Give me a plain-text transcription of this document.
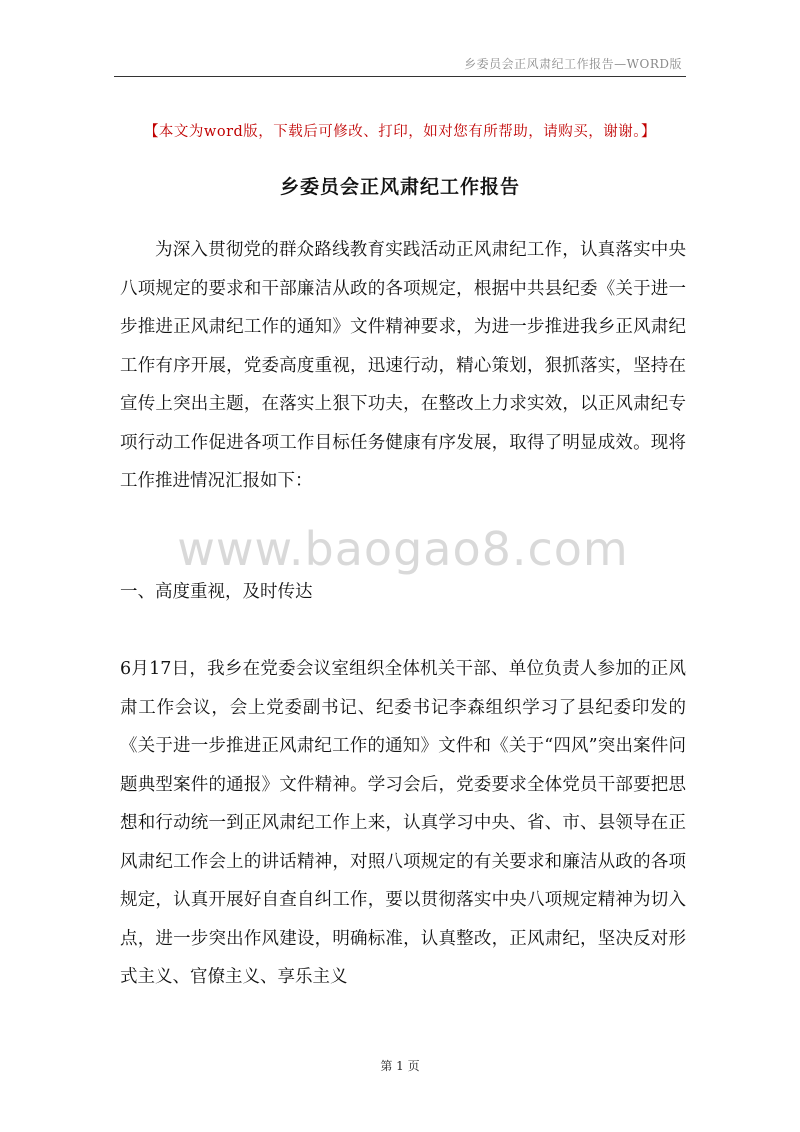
乡委员会正风肃纪工作报告—WORD版
【本文为word版，下载后可修改、打印，如对您有所帮助，请购买，谢谢。】
乡委员会正风肃纪工作报告

为深入贯彻党的群众路线教育实践活动正风肃纪工作，认真落实中央八项规定的要求和干部廉洁从政的各项规定，根据中共县纪委《关于进一步推进正风肃纪工作的通知》文件精神要求，为进一步推进我乡正风肃纪工作有序开展，党委高度重视，迅速行动，精心策划，狠抓落实，坚持在宣传上突出主题，在落实上狠下功夫，在整改上力求实效，以正风肃纪专项行动工作促进各项工作目标任务健康有序发展，取得了明显成效。现将工作推进情况汇报如下：

www.baogao8.com
一、高度重视，及时传达

6月17日，我乡在党委会议室组织全体机关干部、单位负责人参加的正风肃工作会议，会上党委副书记、纪委书记李森组织学习了县纪委印发的《关于进一步推进正风肃纪工作的通知》文件和《关于“四风”突出案件问题典型案件的通报》文件精神。学习会后，党委要求全体党员干部要把思想和行动统一到正风肃纪工作上来，认真学习中央、省、市、县领导在正风肃纪工作会上的讲话精神，对照八项规定的有关要求和廉洁从政的各项规定，认真开展好自查自纠工作，要以贯彻落实中央八项规定精神为切入点，进一步突出作风建设，明确标准，认真整改，正风肃纪，坚决反对形式主义、官僚主义、享乐主义

第 1 页
